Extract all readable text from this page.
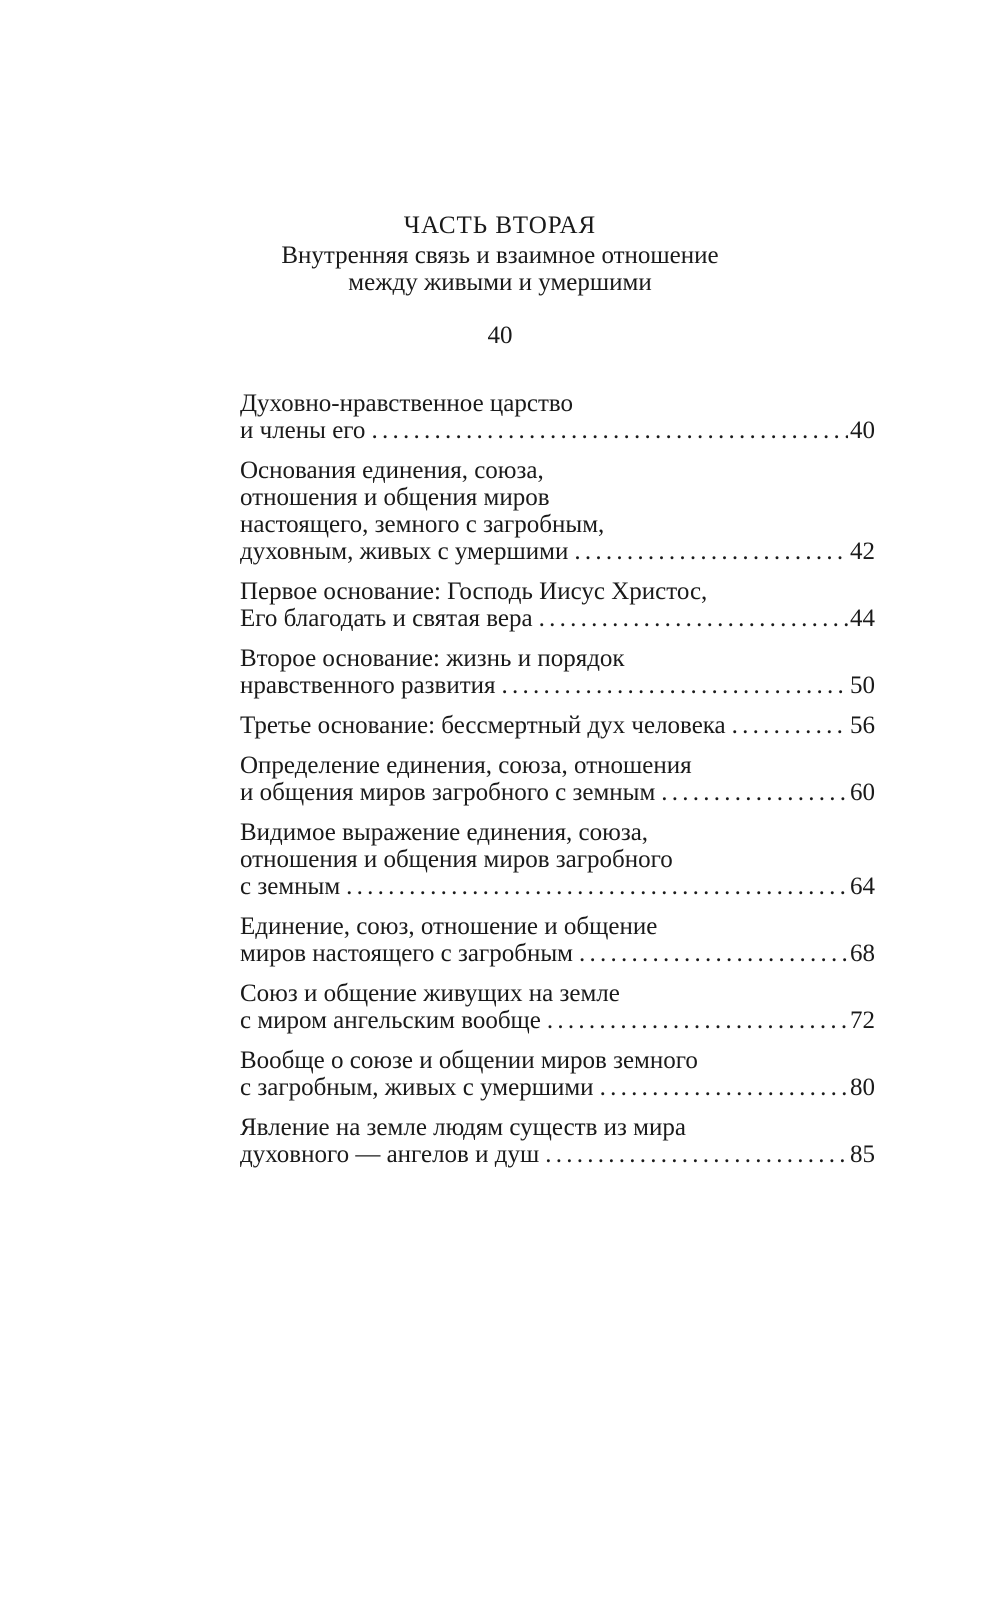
ЧАСТЬ ВТОРАЯ
Внутренняя связь и взаимное отношение
между живыми и умершими
40
Духовно-нравственное царство
и члены его . . .	40
Основания единения, союза,
отношения и общения миров
настоящего, земного с загробным,
духовным, живых с умершими . . .	42
Первое основание: Господь Иисус Христос,
Его благодать и святая вера . . .	44
Второе основание: жизнь и порядок
нравственного развития . . .	50
Третье основание: бессмертный дух человека . . .	56
Определение единения, союза, отношения
и общения миров загробного с земным . . .	60
Видимое выражение единения, союза,
отношения и общения миров загробного
с земным . . .	64
Единение, союз, отношение и общение
миров настоящего с загробным . . .	68
Союз и общение живущих на земле
с миром ангельским вообще . . .	72
Вообще о союзе и общении миров земного
с загробным, живых с умершими . . .	80
Явление на земле людям существ из мира
духовного — ангелов и душ . . .	85
